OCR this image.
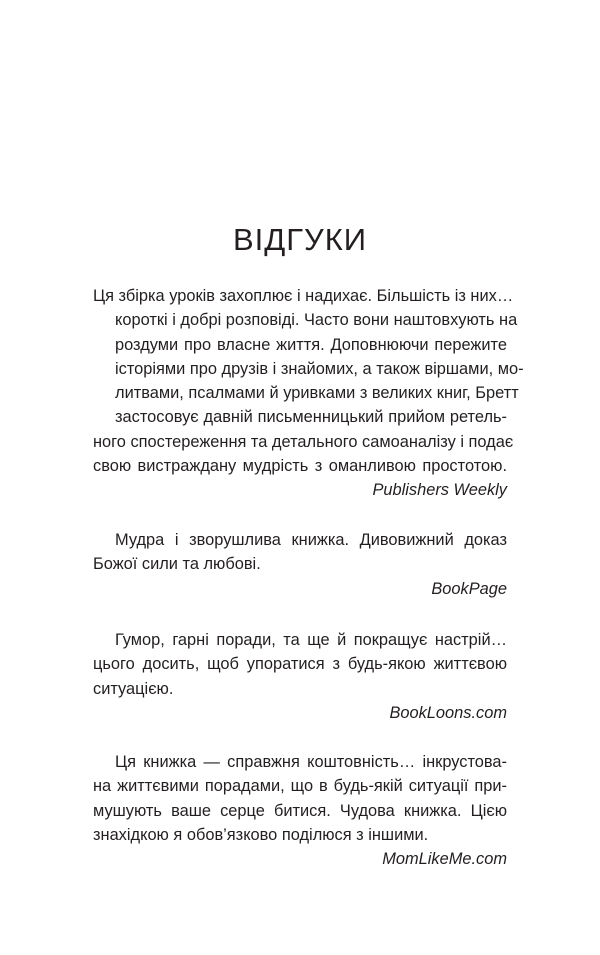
ВІДГУКИ

Ця збірка уроків захоплює і надихає. Більшість із них…
короткі і добрі розповіді. Часто вони наштовхують на
роздуми про власне життя. Доповнюючи пережите
історіями про друзів і знайомих, а також віршами, мо-
литвами, псалмами й уривками з великих книг, Бретт
застосовує давній письменницький прийом ретель-
ного спостереження та детального самоаналізу і подає
свою вистраждану мудрість з оманливою простотою.

Publishers Weekly

Мудра і зворушлива книжка. Дивовижний доказ
Божої сили та любові.

BookPage

Гумор, гарні поради, та ще й покращує настрій…
цього досить, щоб упоратися з будь-якою життєвою
ситуацією.

BookLoons.com

Ця книжка — справжня коштовність… інкрустова-
на життєвими порадами, що в будь-якій ситуації при-
мушують ваше серце битися. Чудова книжка. Цією
знахідкою я обов’язково поділюся з іншими.

MomLikeMe.com
